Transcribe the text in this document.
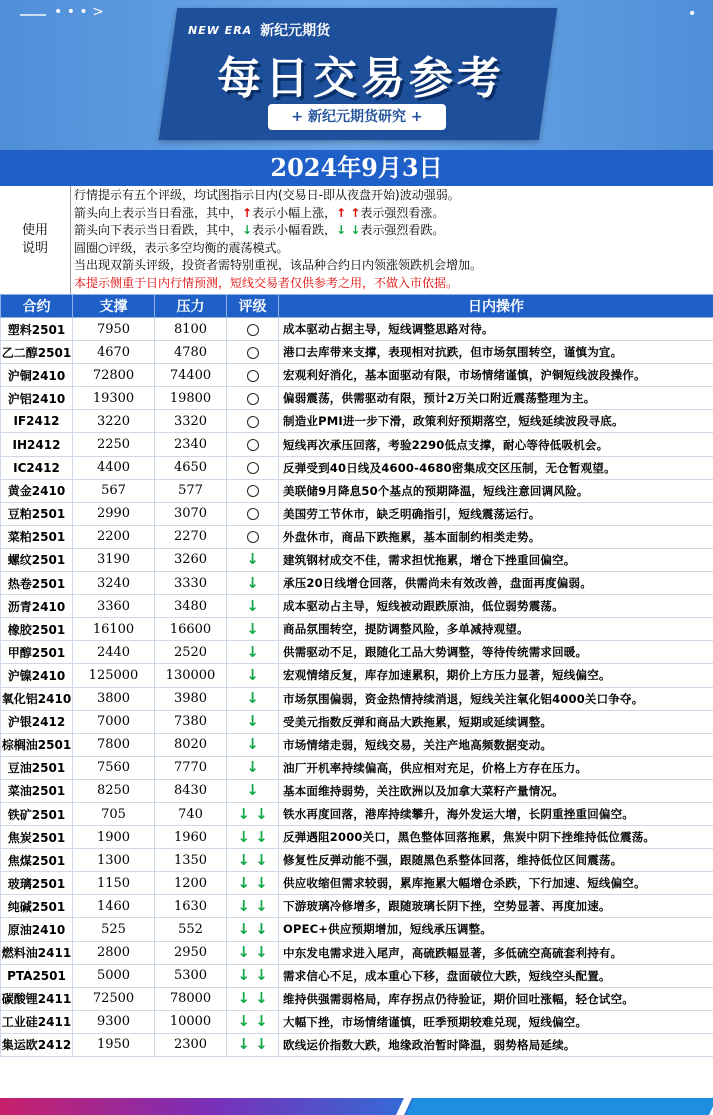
• • • >	•
NEW ERA 新纪元期货
每日交易参考
+ 新纪元期货研究 +
2024年9月3日
使用
说明
行情提示有五个评级，均试图指示日内(交易日-即从夜盘开始)波动强弱。
箭头向上表示当日看涨，其中，↑表示小幅上涨，↑ ↑表示强烈看涨。
箭头向下表示当日看跌，其中，↓表示小幅看跌，↓ ↓表示强烈看跌。
圆圈○评级，表示多空均衡的震荡模式。
当出现双箭头评级，投资者需特别重视，该品种合约日内领涨领跌机会增加。
本提示侧重于日内行情预测，短线交易者仅供参考之用，不做入市依据。
合约	支撑	压力	评级	日内操作
塑料2501	7950	8100		成本驱动占据主导，短线调整思路对待。
乙二醇2501	4670	4780		港口去库带来支撑，表现相对抗跌，但市场氛围转空，谨慎为宜。
沪铜2410	72800	74400		宏观利好消化，基本面驱动有限，市场情绪谨慎，沪铜短线波段操作。
沪铝2410	19300	19800		偏弱震荡，供需驱动有限，预计2万关口附近震荡整理为主。
IF2412	3220	3320		制造业PMI进一步下滑，政策利好预期落空，短线延续波段寻底。
IH2412	2250	2340		短线再次承压回落，考验2290低点支撑，耐心等待低吸机会。
IC2412	4400	4650		反弹受到40日线及4600-4680密集成交区压制，无仓暂观望。
黄金2410	567	577		美联储9月降息50个基点的预期降温，短线注意回调风险。
豆粕2501	2990	3070		美国劳工节休市，缺乏明确指引，短线震荡运行。
菜粕2501	2200	2270		外盘休市，商品下跌拖累，基本面制约相类走势。
螺纹2501	3190	3260	↓	建筑钢材成交不佳，需求担忧拖累，增仓下挫重回偏空。
热卷2501	3240	3330	↓	承压20日线增仓回落，供需尚未有效改善，盘面再度偏弱。
沥青2410	3360	3480	↓	成本驱动占主导，短线被动跟跌原油，低位弱势震荡。
橡胶2501	16100	16600	↓	商品氛围转空，提防调整风险，多单减持观望。
甲醇2501	2440	2520	↓	供需驱动不足，跟随化工品大势调整，等待传统需求回暖。
沪镍2410	125000	130000	↓	宏观情绪反复，库存加速累积，期价上方压力显著，短线偏空。
氧化铝2410	3800	3980	↓	市场氛围偏弱，资金热情持续消退，短线关注氧化铝4000关口争夺。
沪银2412	7000	7380	↓	受美元指数反弹和商品大跌拖累，短期或延续调整。
棕榈油2501	7800	8020	↓	市场情绪走弱，短线交易，关注产地高频数据变动。
豆油2501	7560	7770	↓	油厂开机率持续偏高，供应相对充足，价格上方存在压力。
菜油2501	8250	8430	↓	基本面维持弱势，关注欧洲以及加拿大菜籽产量情况。
铁矿2501	705	740	↓ ↓	铁水再度回落，港库持续攀升，海外发运大增，长阴重挫重回偏空。
焦炭2501	1900	1960	↓ ↓	反弹遇阻2000关口，黑色整体回落拖累，焦炭中阴下挫维持低位震荡。
焦煤2501	1300	1350	↓ ↓	修复性反弹动能不强，跟随黑色系整体回落，维持低位区间震荡。
玻璃2501	1150	1200	↓ ↓	供应收缩但需求较弱，累库拖累大幅增仓杀跌，下行加速、短线偏空。
纯碱2501	1460	1630	↓ ↓	下游玻璃冷修增多，跟随玻璃长阴下挫，空势显著、再度加速。
原油2410	525	552	↓ ↓	OPEC+供应预期增加，短线承压调整。
燃料油2411	2800	2950	↓ ↓	中东发电需求进入尾声，高硫跌幅显著，多低硫空高硫套利持有。
PTA2501	5000	5300	↓ ↓	需求信心不足，成本重心下移，盘面破位大跌，短线空头配置。
碳酸锂2411	72500	78000	↓ ↓	维持供强需弱格局，库存拐点仍待验证，期价回吐涨幅，轻仓试空。
工业硅2411	9300	10000	↓ ↓	大幅下挫，市场情绪谨慎，旺季预期较难兑现，短线偏空。
集运欧2412	1950	2300	↓ ↓	欧线运价指数大跌，地缘政治暂时降温，弱势格局延续。
